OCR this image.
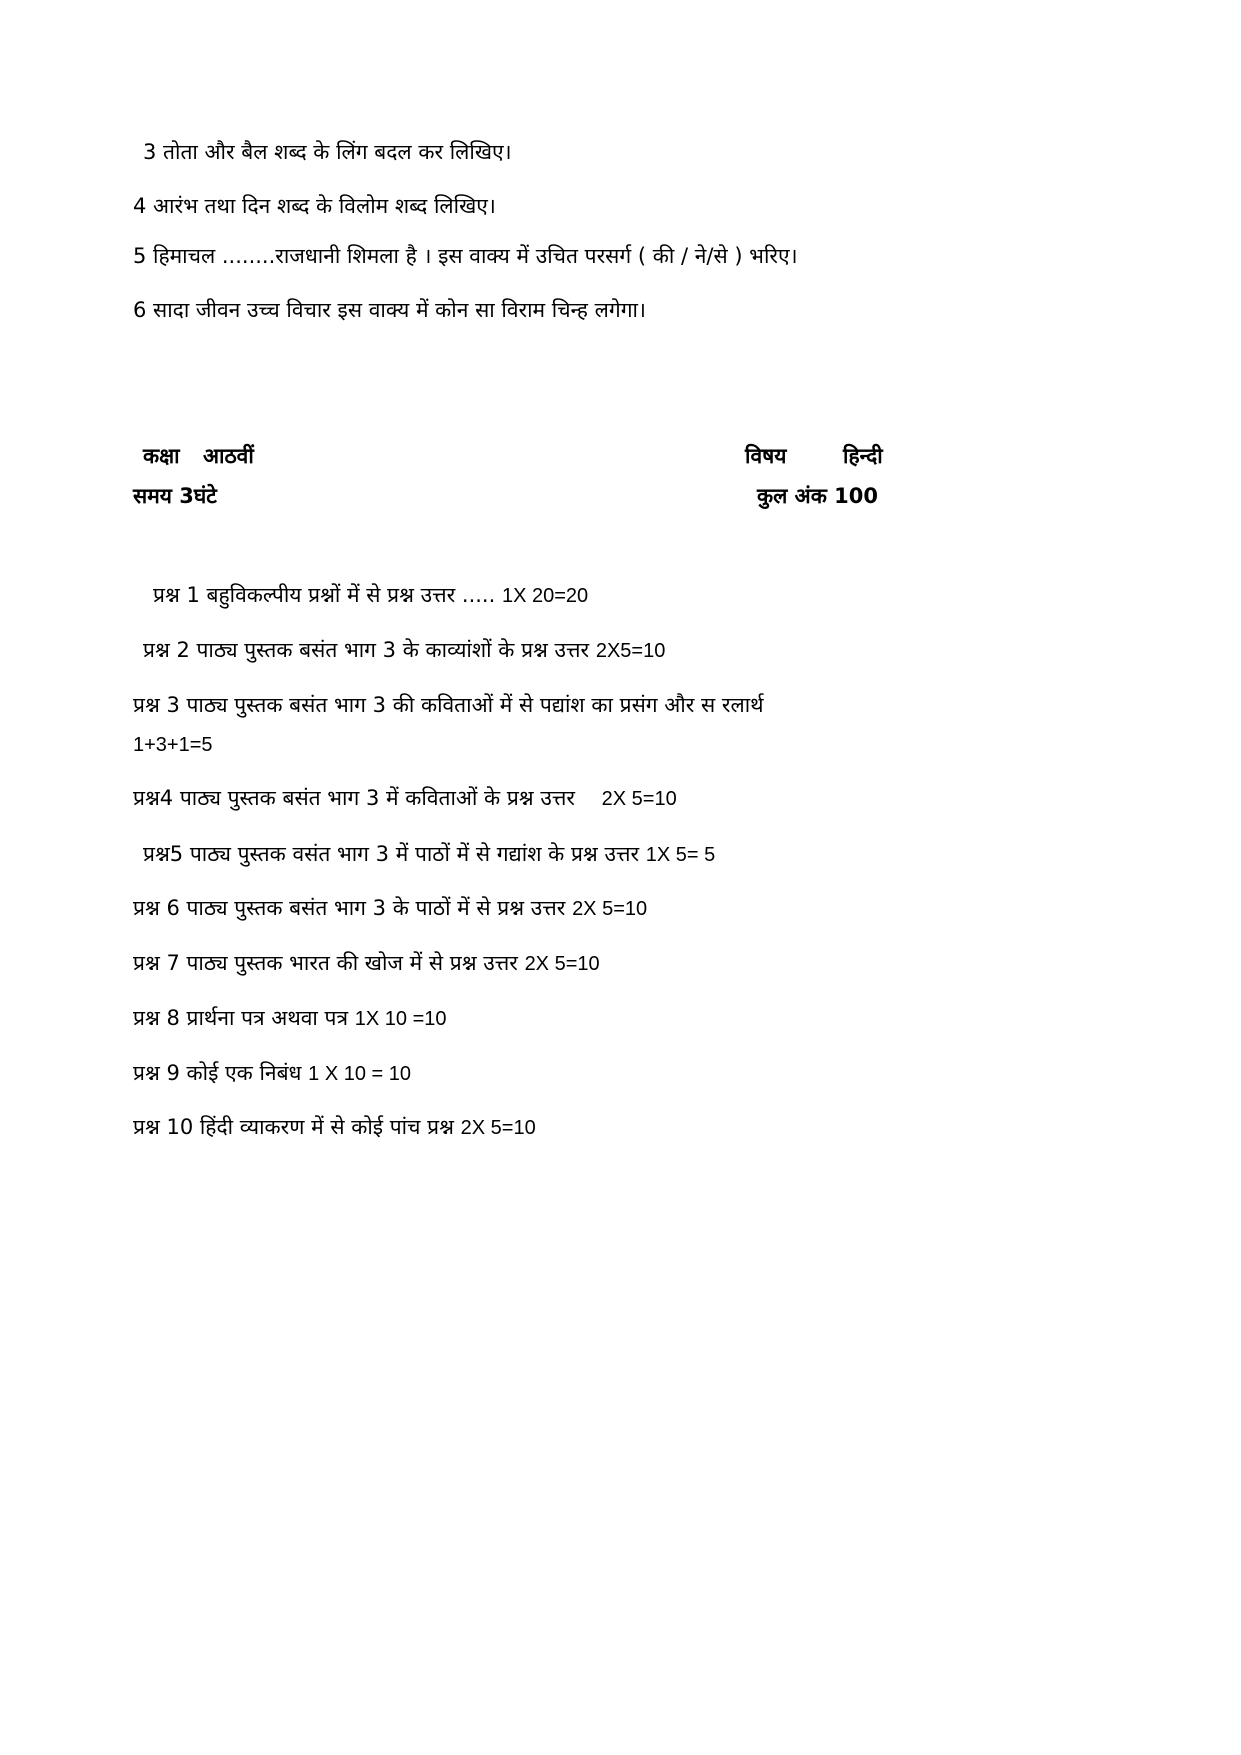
3 तोता और बैल शब्द के लिंग बदल कर लिखिए।
4 आरंभ तथा दिन शब्द के विलोम शब्द लिखिए।
5 हिमाचल ........राजधानी शिमला है । इस वाक्य में उचित परसर्ग ( की / ने/से ) भरिए।
6 सादा जीवन उच्च विचार इस वाक्य में कोन सा विराम चिन्ह लगेगा।
कक्षा आठवीं	विषय	हिन्दी
समय 3घंटे	कुल अंक 100
प्रश्न 1 बहुविकल्पीय प्रश्नों में से प्रश्न उत्तर ..... 1X 20=20
प्रश्न 2 पाठ्य पुस्तक बसंत भाग 3 के काव्यांशों के प्रश्न उत्तर 2X5=10
प्रश्न 3 पाठ्य पुस्तक बसंत भाग 3 की कविताओं में से पद्यांश का प्रसंग और स रलार्थ
1+3+1=5
प्रश्न4 पाठ्य पुस्तक बसंत भाग 3 में कविताओं के प्रश्न उत्तर 2X 5=10
प्रश्न5 पाठ्य पुस्तक वसंत भाग 3 में पाठों में से गद्यांश के प्रश्न उत्तर 1X 5= 5
प्रश्न 6 पाठ्य पुस्तक बसंत भाग 3 के पाठों में से प्रश्न उत्तर 2X 5=10
प्रश्न 7 पाठ्य पुस्तक भारत की खोज में से प्रश्न उत्तर 2X 5=10
प्रश्न 8 प्रार्थना पत्र अथवा पत्र 1X 10 =10
प्रश्न 9 कोई एक निबंध 1 X 10 = 10
प्रश्न 10 हिंदी व्याकरण में से कोई पांच प्रश्न 2X 5=10
